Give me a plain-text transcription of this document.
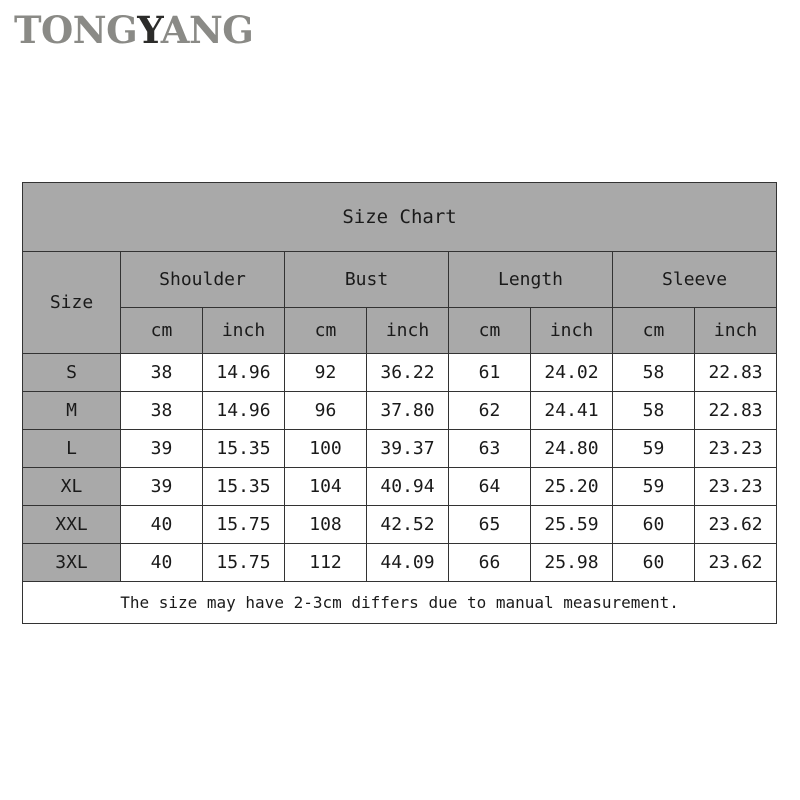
TONGYANG
Size Chart								
Size	Shoulder		Bust		Length		Sleeve	
	cm	inch	cm	inch	cm	inch	cm	inch
S	38	14.96	92	36.22	61	24.02	58	22.83
M	38	14.96	96	37.80	62	24.41	58	22.83
L	39	15.35	100	39.37	63	24.80	59	23.23
XL	39	15.35	104	40.94	64	25.20	59	23.23
XXL	40	15.75	108	42.52	65	25.59	60	23.62
3XL	40	15.75	112	44.09	66	25.98	60	23.62
The size may have 2-3cm differs due to manual measurement.								
